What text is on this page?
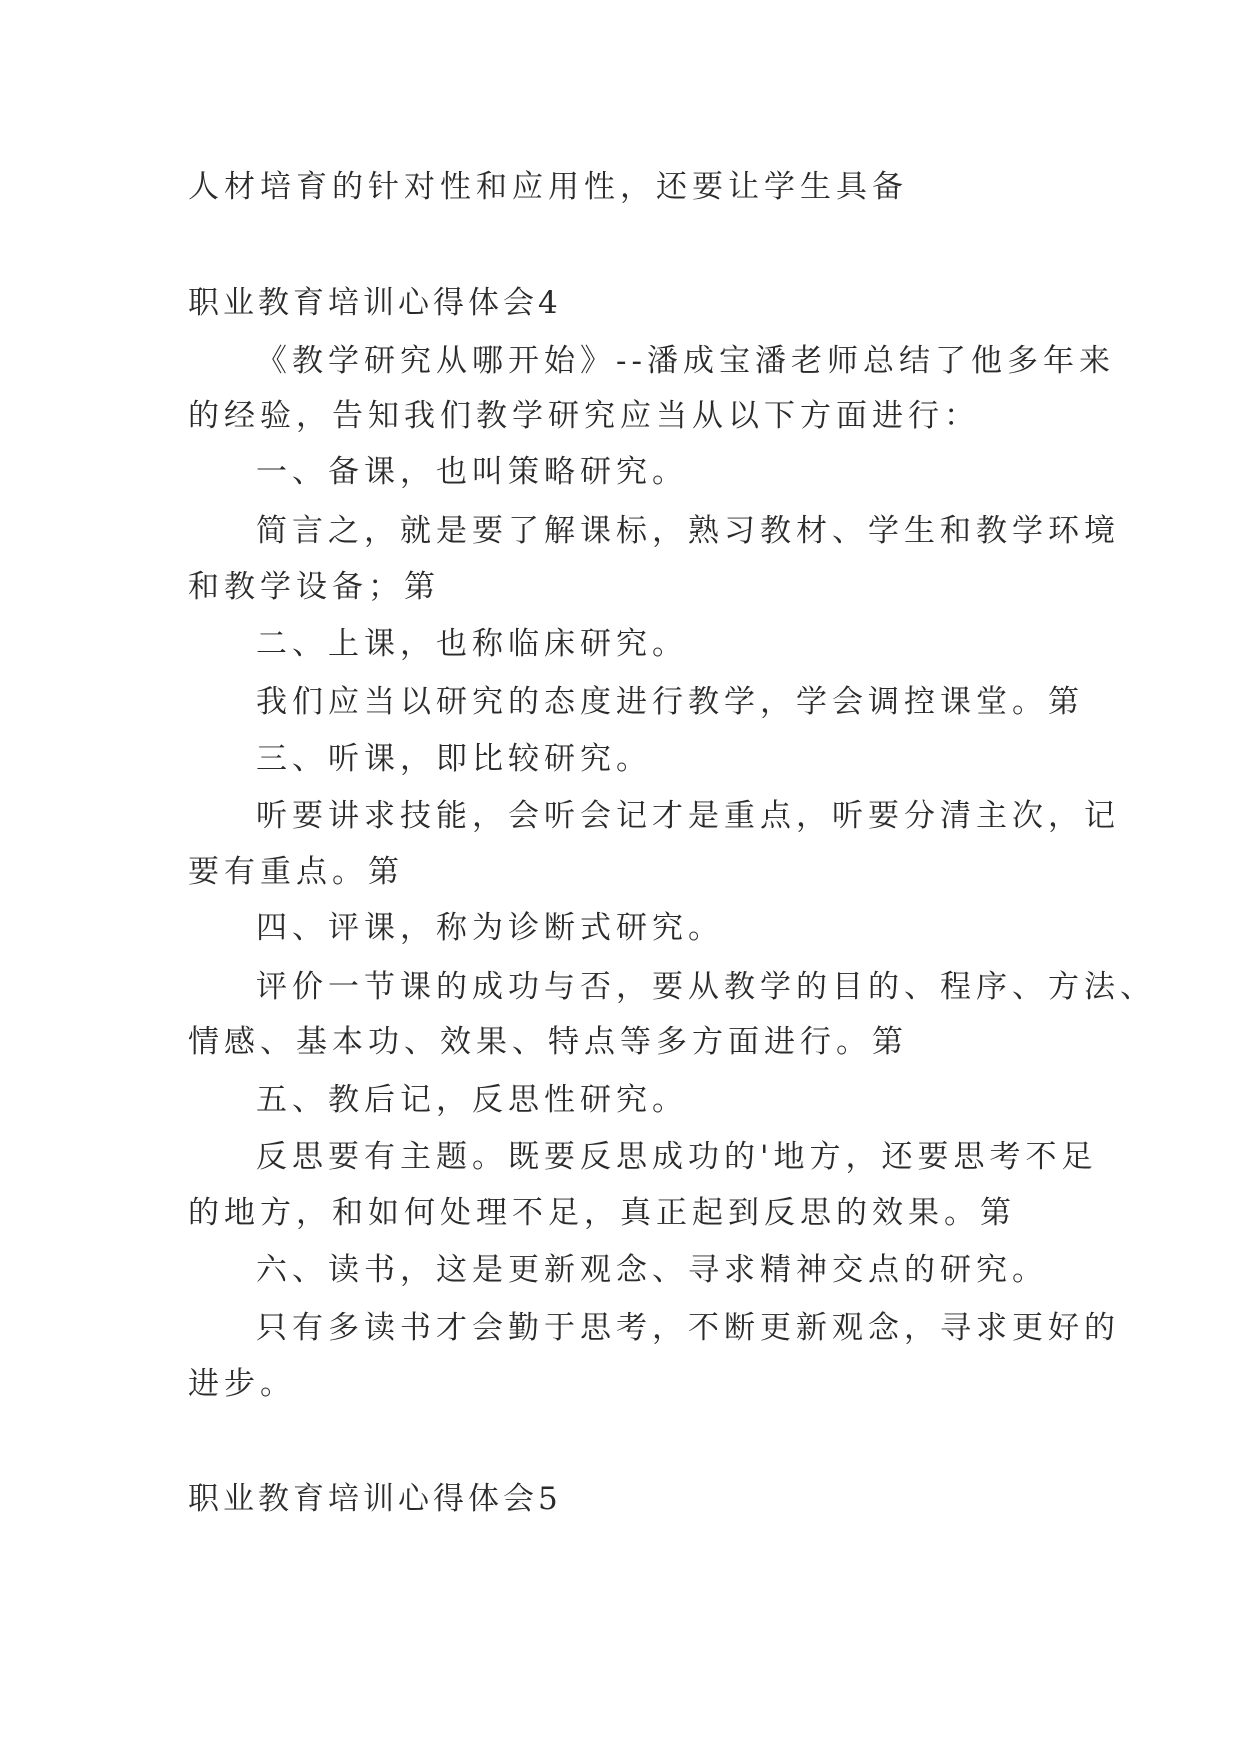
人材培育的针对性和应用性，还要让学生具备
职业教育培训心得体会4
《教学研究从哪开始》--潘成宝潘老师总结了他多年来
的经验，告知我们教学研究应当从以下方面进行：
一、备课，也叫策略研究。
简言之，就是要了解课标，熟习教材、学生和教学环境
和教学设备；第
二、上课，也称临床研究。
我们应当以研究的态度进行教学，学会调控课堂。第
三、听课，即比较研究。
听要讲求技能，会听会记才是重点，听要分清主次，记
要有重点。第
四、评课，称为诊断式研究。
评价一节课的成功与否，要从教学的目的、程序、方法、
情感、基本功、效果、特点等多方面进行。第
五、教后记，反思性研究。
反思要有主题。既要反思成功的'地方，还要思考不足
的地方，和如何处理不足，真正起到反思的效果。第
六、读书，这是更新观念、寻求精神交点的研究。
只有多读书才会勤于思考，不断更新观念，寻求更好的
进步。
职业教育培训心得体会5
